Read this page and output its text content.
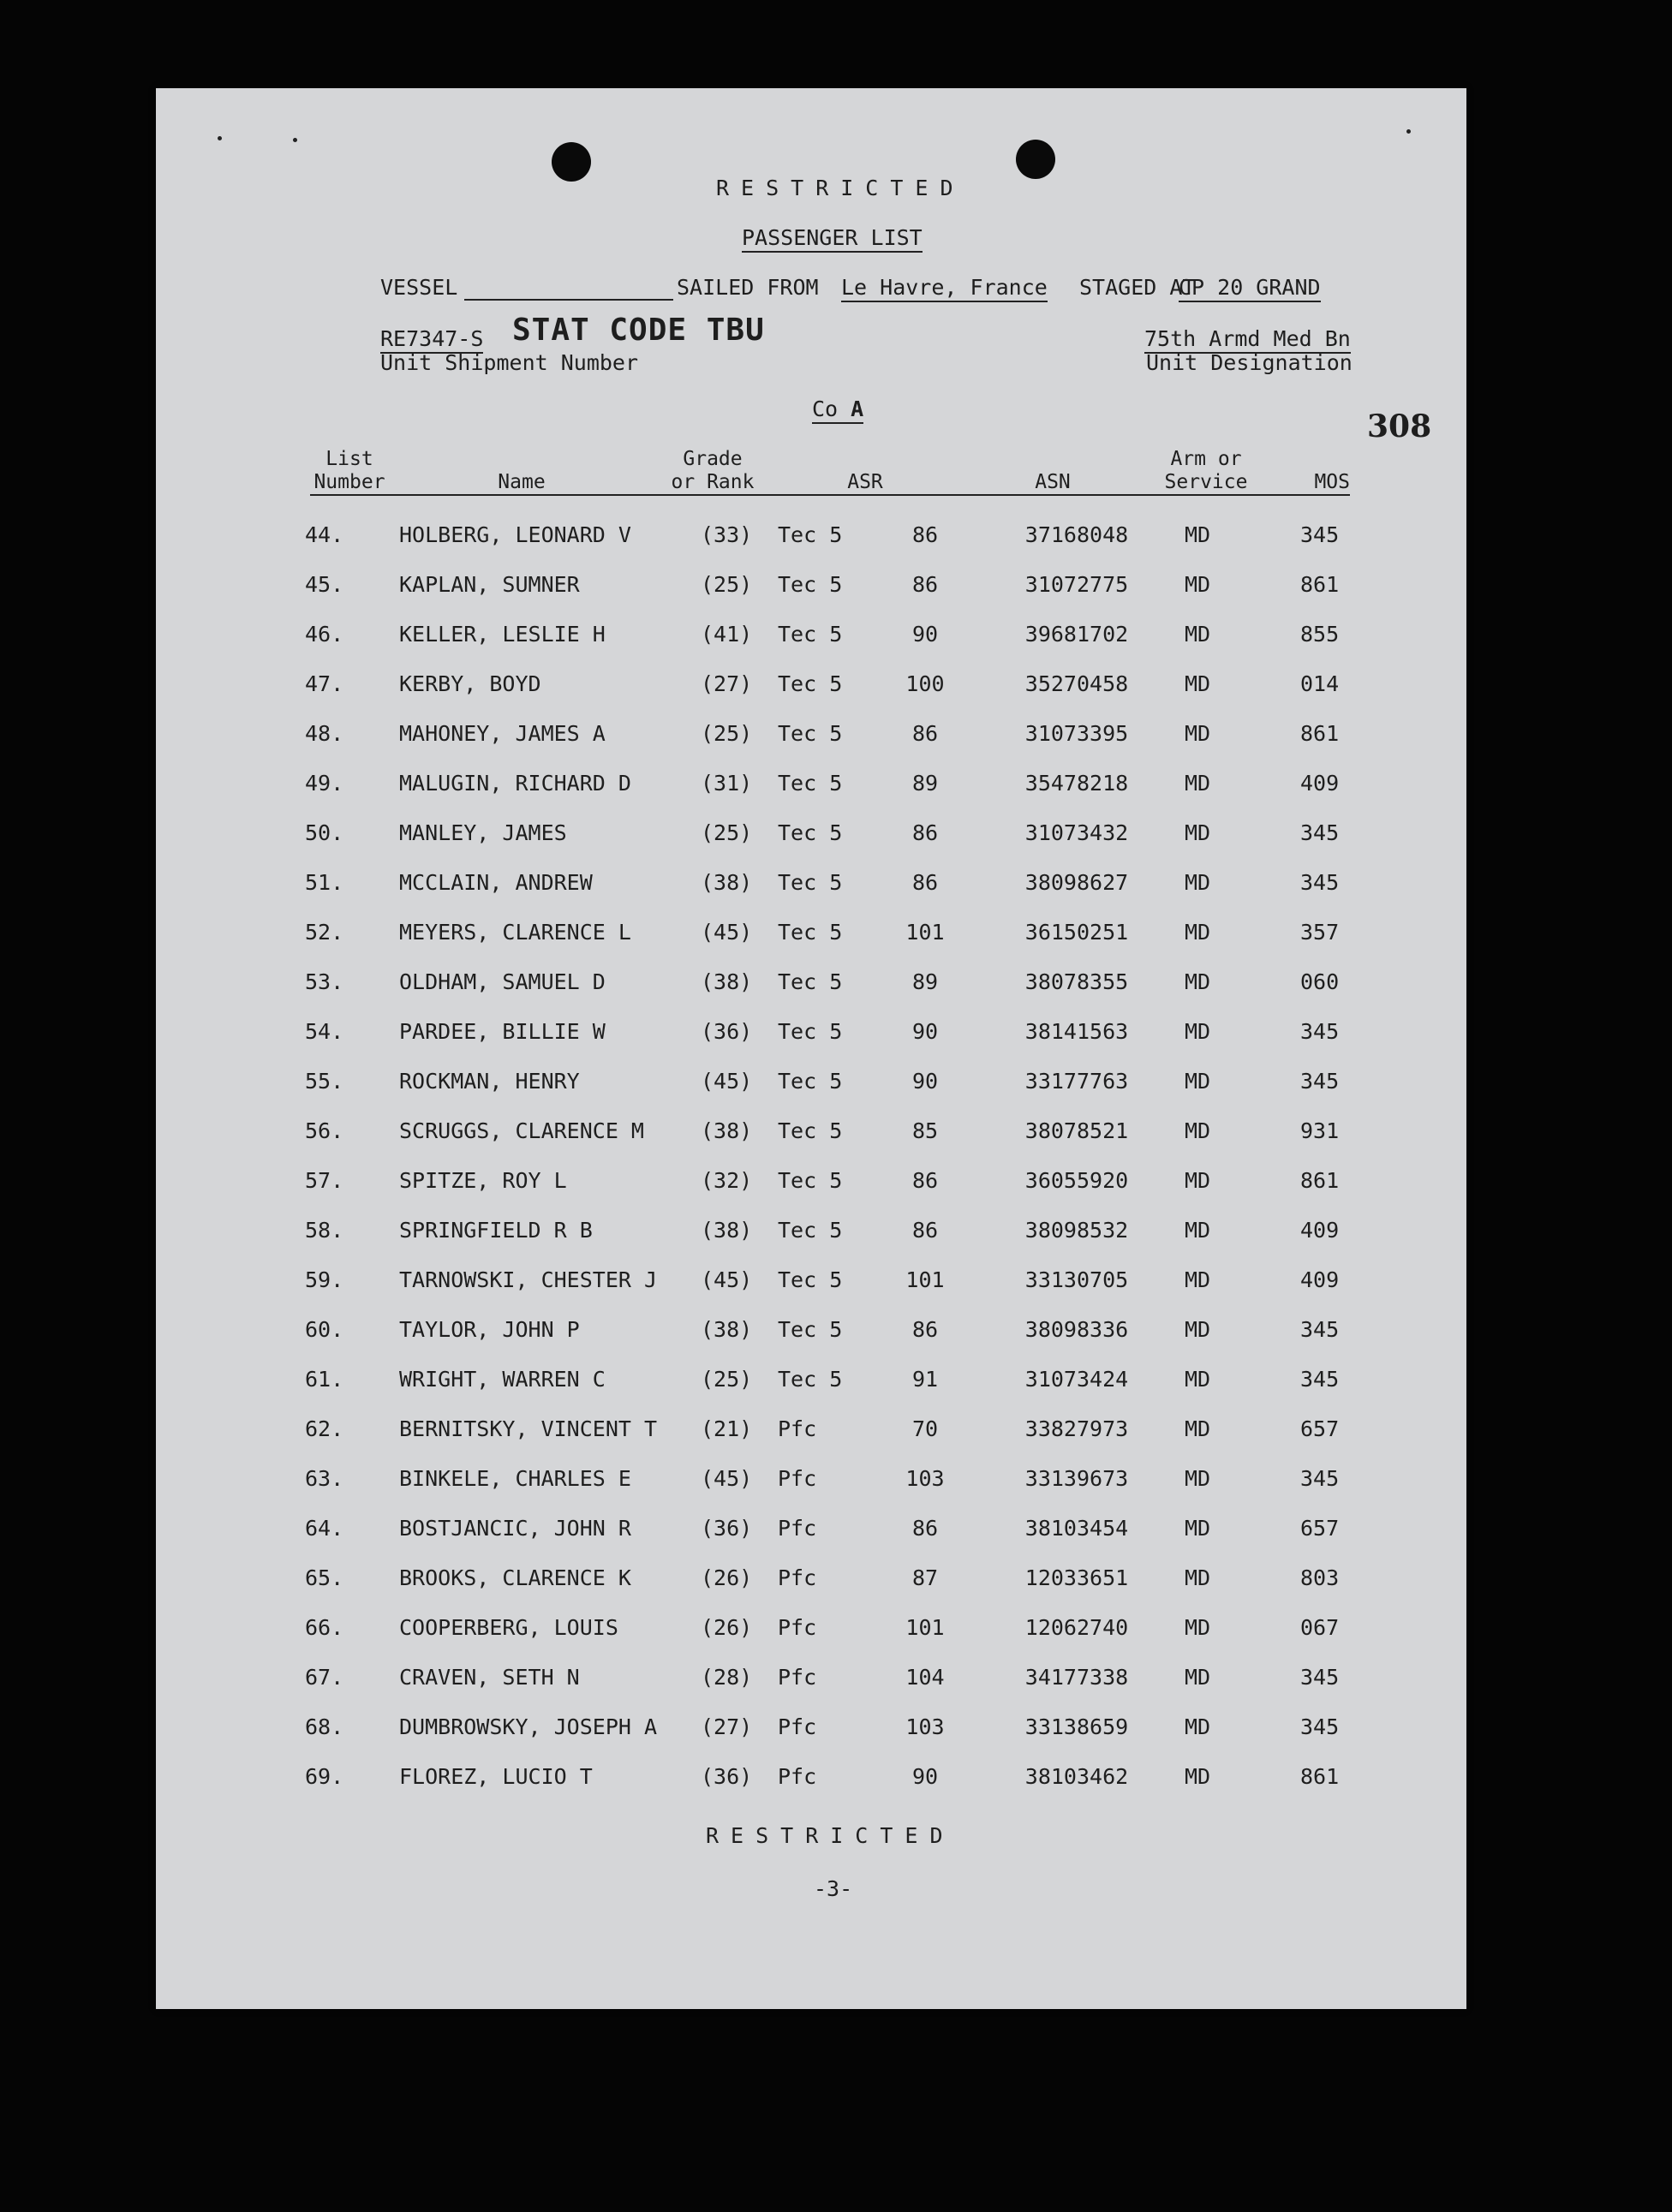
RESTRICTED
PASSENGER LIST
VESSEL	SAILED FROM Le Havre, France STAGED AT
CP 20 GRAND
RE7347-S STAT CODE TBU
Unit Shipment Number
75th Armd Med Bn
Unit Designation
308
Co A
List
Number	Name
Grade
or Rank	ASR	ASN
Arm or
Service	MOS
44.	HOLBERG, LEONARD V	(33)	Tec 5	86	37168048	MD	345
45.	KAPLAN, SUMNER	(25)	Tec 5	86	31072775	MD	861
46.	KELLER, LESLIE H	(41)	Tec 5	90	39681702	MD	855
47.	KERBY, BOYD	(27)	Tec 5	100	35270458	MD	014
48.	MAHONEY, JAMES A	(25)	Tec 5	86	31073395	MD	861
49.	MALUGIN, RICHARD D	(31)	Tec 5	89	35478218	MD	409
50.	MANLEY, JAMES	(25)	Tec 5	86	31073432	MD	345
51.	MCCLAIN, ANDREW	(38)	Tec 5	86	38098627	MD	345
52.	MEYERS, CLARENCE L	(45)	Tec 5	101	36150251	MD	357
53.	OLDHAM, SAMUEL D	(38)	Tec 5	89	38078355	MD	060
54.	PARDEE, BILLIE W	(36)	Tec 5	90	38141563	MD	345
55.	ROCKMAN, HENRY	(45)	Tec 5	90	33177763	MD	345
56.	SCRUGGS, CLARENCE M	(38)	Tec 5	85	38078521	MD	931
57.	SPITZE, ROY L	(32)	Tec 5	86	36055920	MD	861
58.	SPRINGFIELD R B	(38)	Tec 5	86	38098532	MD	409
59.	TARNOWSKI, CHESTER J	(45)	Tec 5	101	33130705	MD	409
60.	TAYLOR, JOHN P	(38)	Tec 5	86	38098336	MD	345
61.	WRIGHT, WARREN C	(25)	Tec 5	91	31073424	MD	345
62.	BERNITSKY, VINCENT T	(21)	Pfc	70	33827973	MD	657
63.	BINKELE, CHARLES E	(45)	Pfc	103	33139673	MD	345
64.	BOSTJANCIC, JOHN R	(36)	Pfc	86	38103454	MD	657
65.	BROOKS, CLARENCE K	(26)	Pfc	87	12033651	MD	803
66.	COOPERBERG, LOUIS	(26)	Pfc	101	12062740	MD	067
67.	CRAVEN, SETH N	(28)	Pfc	104	34177338	MD	345
68.	DUMBROWSKY, JOSEPH A	(27)	Pfc	103	33138659	MD	345
69.	FLOREZ, LUCIO T	(36)	Pfc	90	38103462	MD	861
RESTRICTED
-3-
